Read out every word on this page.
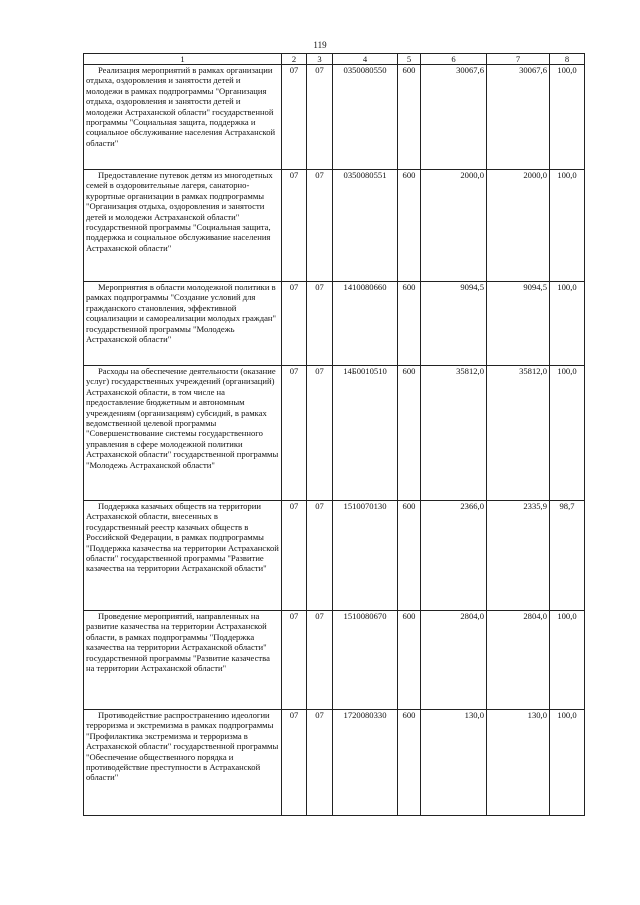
119
1	2	3	4	5	6	7	8
Реализация мероприятий в рамках организации отдыха, оздоровления и занятости детей и молодежи в рамках подпрограммы "Организация отдыха, оздоровления и занятости детей и молодежи Астраханской области" государственной программы "Социальная защита, поддержка и социальное обслуживание населения Астраханской области"	07	07	0350080550	600	30067,6	30067,6	100,0
Предоставление путевок детям из многодетных семей в оздоровительные лагеря, санаторно-курортные организации в рамках подпрограммы "Организация отдыха, оздоровления и занятости детей и молодежи Астраханской области" государственной программы "Социальная защита, поддержка и социальное обслуживание населения Астраханской области"	07	07	0350080551	600	2000,0	2000,0	100,0
Мероприятия в области молодежной политики в рамках подпрограммы "Создание условий для гражданского становления, эффективной социализации и самореализации молодых граждан" государственной программы "Молодежь Астраханской области"	07	07	1410080660	600	9094,5	9094,5	100,0
Расходы на обеспечение деятельности (оказание услуг) государственных учреждений (организаций) Астраханской области, в том числе на предоставление бюджетным и автономным учреждениям (организациям) субсидий, в рамках ведомственной целевой программы "Совершенствование системы государственного управления в сфере молодежной политики Астраханской области" государственной программы "Молодежь Астраханской области"	07	07	14Б0010510	600	35812,0	35812,0	100,0
Поддержка казачьих обществ на территории Астраханской области, внесенных в государственный реестр казачьих обществ в Российской Федерации, в рамках подпрограммы "Поддержка казачества на территории Астраханской области" государственной программы "Развитие казачества на территории Астраханской области"	07	07	1510070130	600	2366,0	2335,9	98,7
Проведение мероприятий, направленных на развитие казачества на территории Астраханской области, в рамках подпрограммы "Поддержка казачества на территории Астраханской области" государственной программы "Развитие казачества на территории Астраханской области"	07	07	1510080670	600	2804,0	2804,0	100,0
Противодействие распространению идеологии терроризма и экстремизма в рамках подпрограммы "Профилактика экстремизма и терроризма в Астраханской области" государственной программы "Обеспечение общественного порядка и противодействие преступности в Астраханской области"	07	07	1720080330	600	130,0	130,0	100,0
